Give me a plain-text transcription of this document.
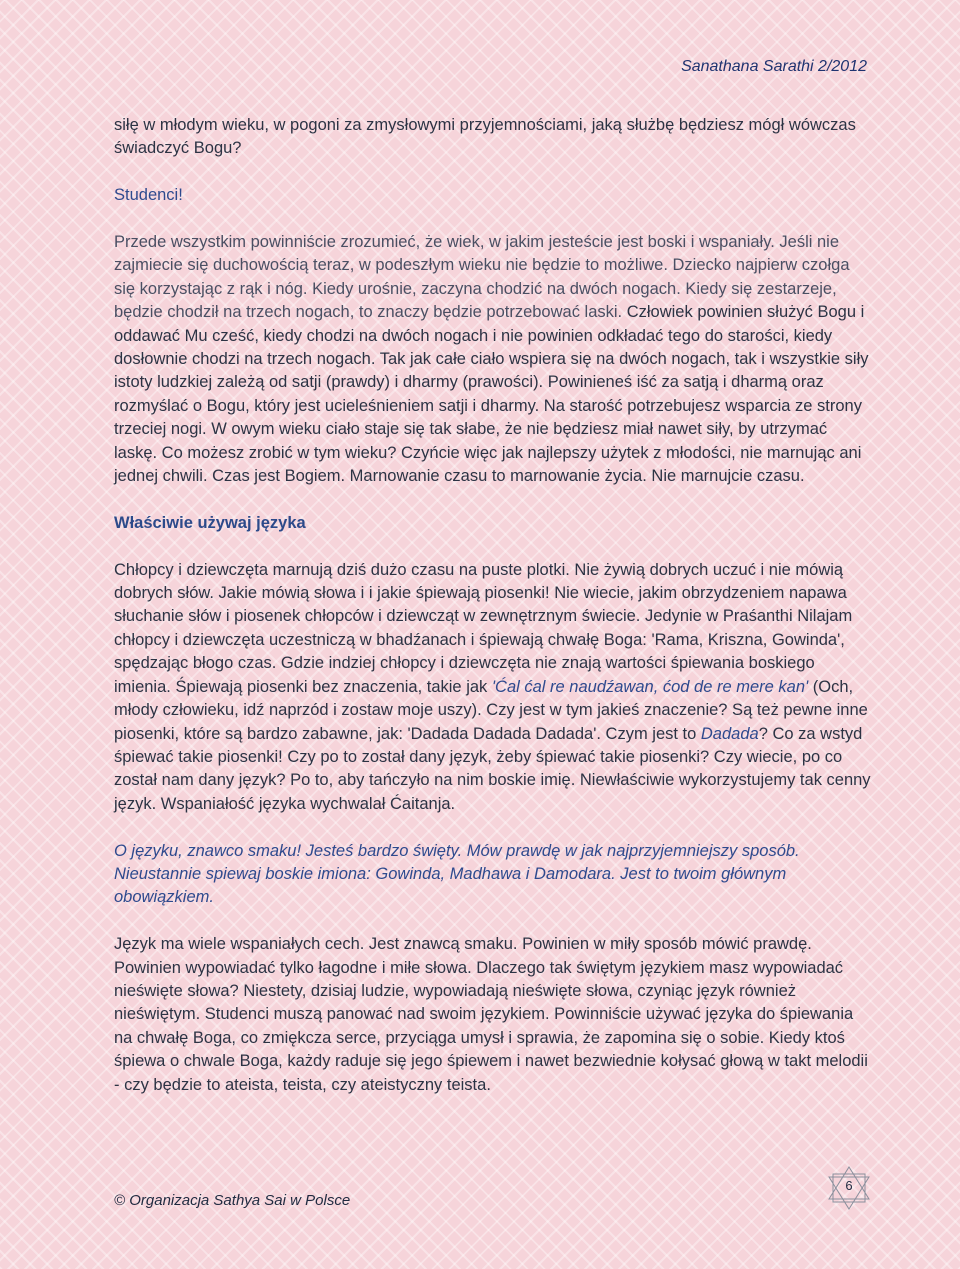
Sanathana Sarathi 2/2012

siłę w młodym wieku, w pogoni za zmysłowymi przyjemnościami, jaką służbę będziesz mógł wówczas świadczyć Bogu?

Studenci!

Przede wszystkim powinniście zrozumieć, że wiek, w jakim jesteście jest boski i wspaniały. Jeśli nie zajmiecie się duchowością teraz, w podeszłym wieku nie będzie to możliwe. Dziecko najpierw czołga się korzystając z rąk i nóg. Kiedy urośnie, zaczyna chodzić na dwóch nogach. Kiedy się zestarzeje, będzie chodził na trzech nogach, to znaczy będzie potrzebować laski. Człowiek powinien służyć Bogu i oddawać Mu cześć, kiedy chodzi na dwóch nogach i nie powinien odkładać tego do starości, kiedy dosłownie chodzi na trzech nogach. Tak jak całe ciało wspiera się na dwóch nogach, tak i wszystkie siły istoty ludzkiej zależą od satji (prawdy) i dharmy (prawości). Powinieneś iść za satją i dharmą oraz rozmyślać o Bogu, który jest ucieleśnieniem satji i dharmy. Na starość potrzebujesz wsparcia ze strony trzeciej nogi. W owym wieku ciało staje się tak słabe, że nie będziesz miał nawet siły, by utrzymać laskę. Co możesz zrobić w tym wieku? Czyńcie więc jak najlepszy użytek z młodości, nie marnując ani jednej chwili. Czas jest Bogiem. Marnowanie czasu to marnowanie życia. Nie marnujcie czasu.

Właściwie używaj języka

Chłopcy i dziewczęta marnują dziś dużo czasu na puste plotki. Nie żywią dobrych uczuć i nie mówią dobrych słów. Jakie mówią słowa i i jakie śpiewają piosenki! Nie wiecie, jakim obrzydzeniem napawa słuchanie słów i piosenek chłopców i dziewcząt w zewnętrznym świecie. Jedynie w Praśanthi Nilajam chłopcy i dziewczęta uczestniczą w bhadźanach i śpiewają chwałę Boga: 'Rama, Kriszna, Gowinda', spędzając błogo czas. Gdzie indziej chłopcy i dziewczęta nie znają wartości śpiewania boskiego imienia. Śpiewają piosenki bez znaczenia, takie jak 'Ćal ćal re naudźawan, ćod de re mere kan' (Och, młody człowieku, idź naprzód i zostaw moje uszy). Czy jest w tym jakieś znaczenie? Są też pewne inne piosenki, które są bardzo zabawne, jak: 'Dadada Dadada Dadada'. Czym jest to Dadada? Co za wstyd śpiewać takie piosenki! Czy po to został dany język, żeby śpiewać takie piosenki? Czy wiecie, po co został nam dany język? Po to, aby tańczyło na nim boskie imię. Niewłaściwie wykorzystujemy tak cenny język. Wspaniałość języka wychwalał Ćaitanja.

O języku, znawco smaku! Jesteś bardzo święty. Mów prawdę w jak najprzyjemniejszy sposób. Nieustannie spiewaj boskie imiona: Gowinda, Madhawa i Damodara. Jest to twoim głównym obowiązkiem.

Język ma wiele wspaniałych cech. Jest znawcą smaku. Powinien w miły sposób mówić prawdę. Powinien wypowiadać tylko łagodne i miłe słowa. Dlaczego tak świętym językiem masz wypowiadać nieświęte słowa? Niestety, dzisiaj ludzie, wypowiadają nieświęte słowa, czyniąc język również nieświętym. Studenci muszą panować nad swoim językiem. Powinniście używać języka do śpiewania na chwałę Boga, co zmiękcza serce, przyciąga umysł i sprawia, że zapomina się o sobie. Kiedy ktoś śpiewa o chwale Boga, każdy raduje się jego śpiewem i nawet bezwiednie kołysać głową w takt melodii - czy będzie to ateista, teista, czy ateistyczny teista.

© Organizacja Sathya Sai w Polsce
6
